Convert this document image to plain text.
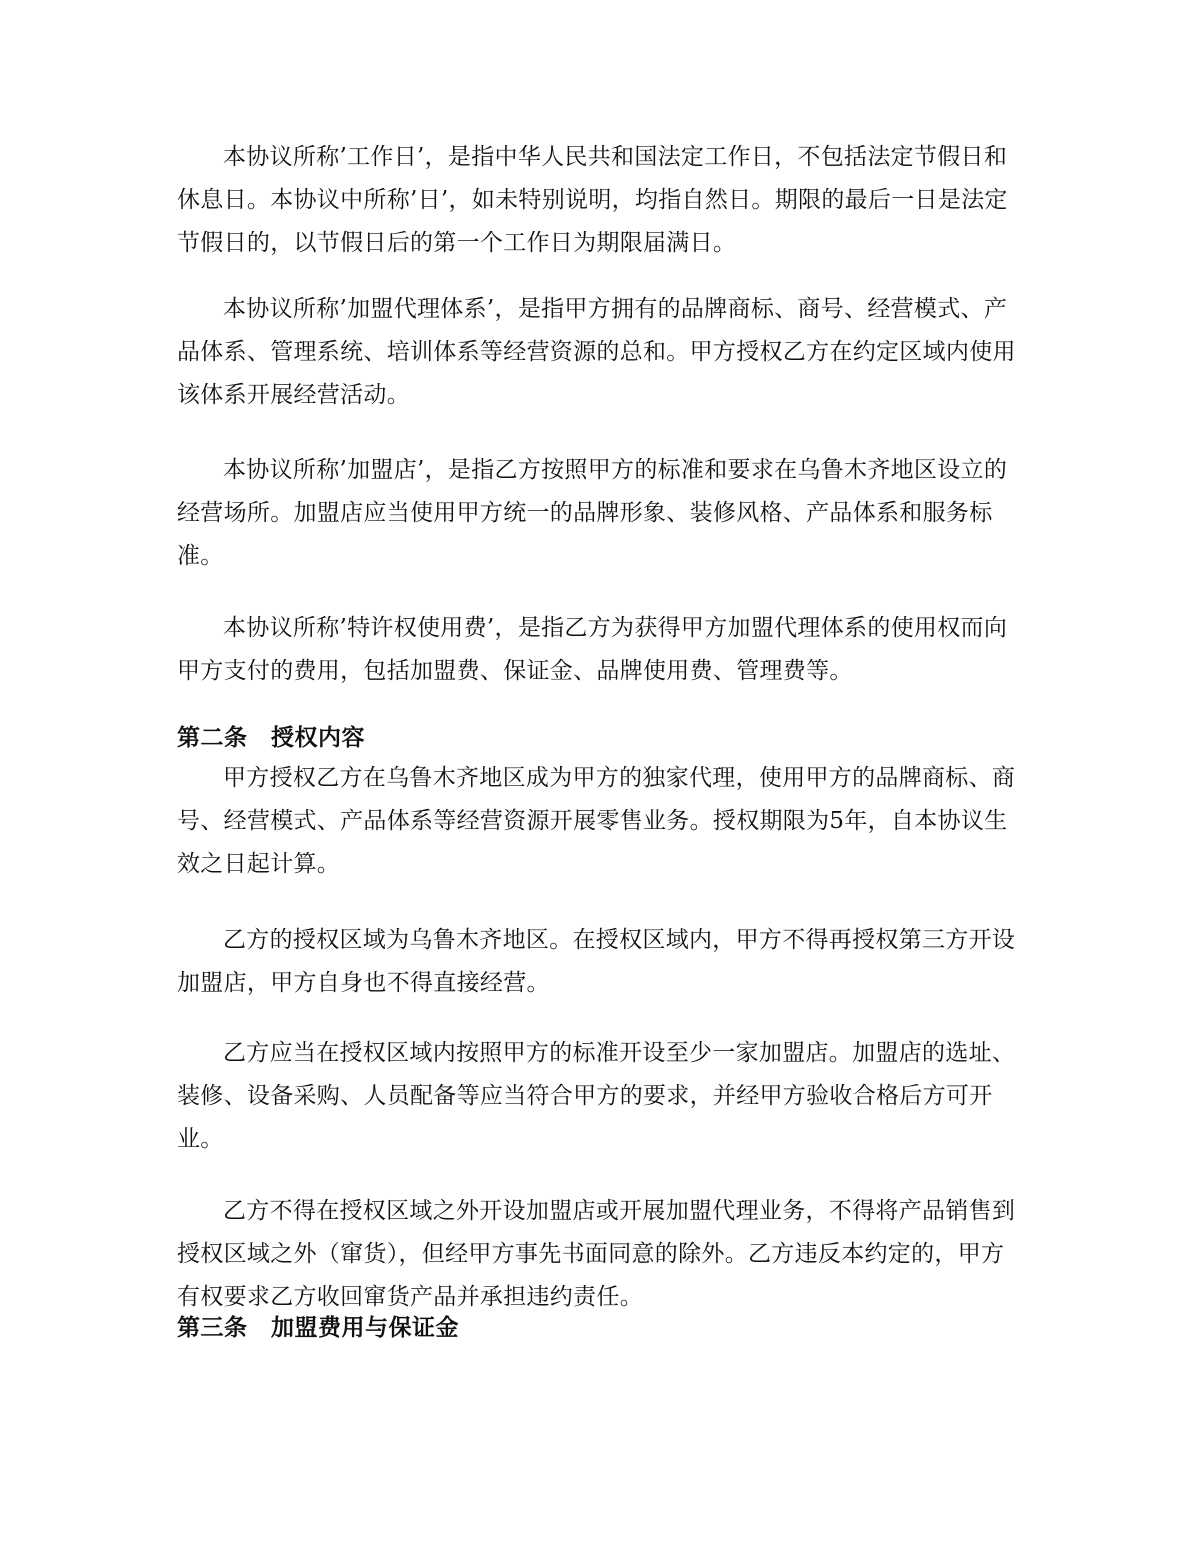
本协议所称’工作日’，是指中华人民共和国法定工作日，不包括法定节假日和休息日。本协议中所称’日’，如未特别说明，均指自然日。期限的最后一日是法定节假日的，以节假日后的第一个工作日为期限届满日。

本协议所称’加盟代理体系’，是指甲方拥有的品牌商标、商号、经营模式、产品体系、管理系统、培训体系等经营资源的总和。甲方授权乙方在约定区域内使用该体系开展经营活动。

本协议所称’加盟店’，是指乙方按照甲方的标准和要求在乌鲁木齐地区设立的经营场所。加盟店应当使用甲方统一的品牌形象、装修风格、产品体系和服务标准。

本协议所称’特许权使用费’，是指乙方为获得甲方加盟代理体系的使用权而向甲方支付的费用，包括加盟费、保证金、品牌使用费、管理费等。

第二条　授权内容

甲方授权乙方在乌鲁木齐地区成为甲方的独家代理，使用甲方的品牌商标、商号、经营模式、产品体系等经营资源开展零售业务。授权期限为5年，自本协议生效之日起计算。

乙方的授权区域为乌鲁木齐地区。在授权区域内，甲方不得再授权第三方开设加盟店，甲方自身也不得直接经营。

乙方应当在授权区域内按照甲方的标准开设至少一家加盟店。加盟店的选址、装修、设备采购、人员配备等应当符合甲方的要求，并经甲方验收合格后方可开业。

乙方不得在授权区域之外开设加盟店或开展加盟代理业务，不得将产品销售到授权区域之外（窜货），但经甲方事先书面同意的除外。乙方违反本约定的，甲方有权要求乙方收回窜货产品并承担违约责任。

第三条　加盟费用与保证金
